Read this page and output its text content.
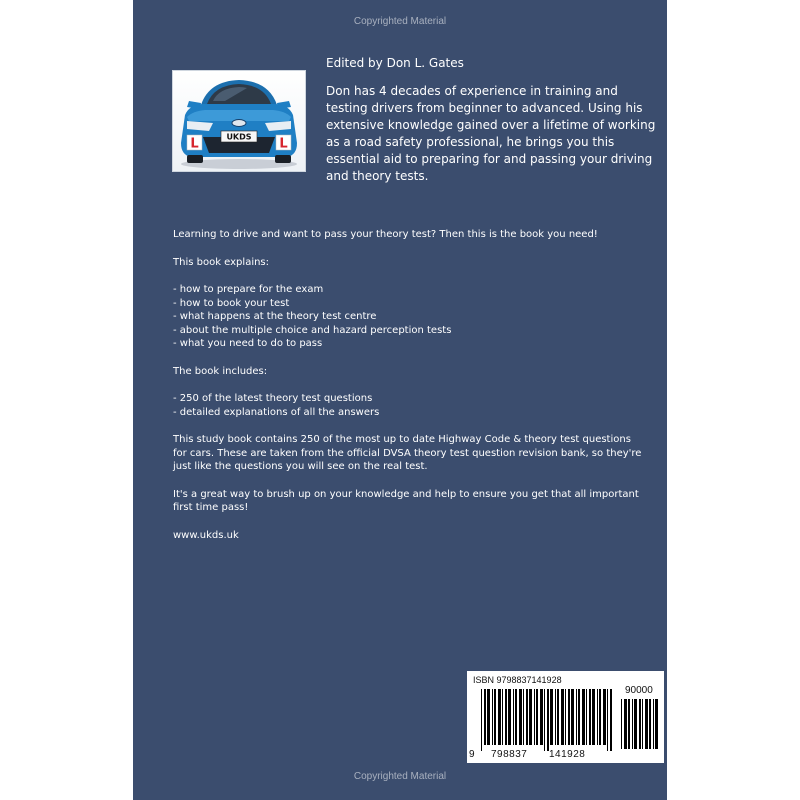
Copyrighted Material
UKDS
L	L

Edited by Don L. Gates

Don has 4 decades of experience in training and testing drivers from beginner to advanced. Using his extensive knowledge gained over a lifetime of working as a road safety professional, he brings you this essential aid to preparing for and passing your driving and theory tests.

Learning to drive and want to pass your theory test? Then this is the book you need!

This book explains:

- how to prepare for the exam
- how to book your test
- what happens at the theory test centre
- about the multiple choice and hazard perception tests
- what you need to do to pass

The book includes:

- 250 of the latest theory test questions
- detailed explanations of all the answers

This study book contains 250 of the most up to date Highway Code & theory test questions for cars. These are taken from the official DVSA theory test question revision bank, so they're just like the questions you will see on the real test.

It's a great way to brush up on your knowledge and help to ensure you get that all important first time pass!

www.ukds.uk

ISBN 9798837141928
90000
9 798837 141928
Copyrighted Material
